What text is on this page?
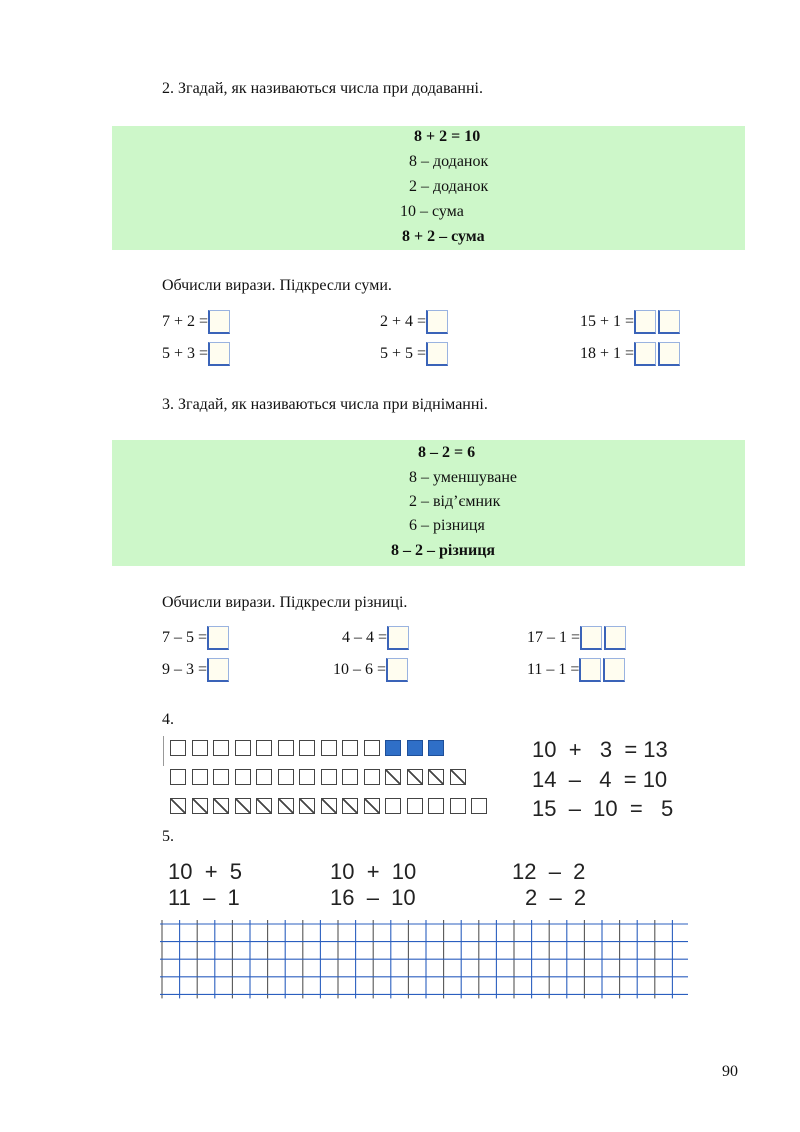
2. Згадай, як називаються числа при додаванні.
8 + 2 = 10
8 – доданок
2 – доданок
10 – сума
8 + 2 – сума
Обчисли вирази. Підкресли суми.
7 + 2 =	2 + 4 =	15 + 1 =
5 + 3 =	5 + 5 =	18 + 1 =
3. Згадай, як називаються числа при відніманні.
8 – 2 = 6
8 – уменшуване
2 – від’ємник
6 – різниця
8 – 2 – різниця
Обчисли вирази. Підкресли різниці.
7 – 5 =	4 – 4 =	17 – 1 =
9 – 3 =	10 – 6 =	11 – 1 =
4.
10  +   3  = 13
14  –   4  = 10
15  –  10  =   5
5.
10  +  5	10  +  10	12  –  2
11  –  1	16  –  10	2  –  2
90
